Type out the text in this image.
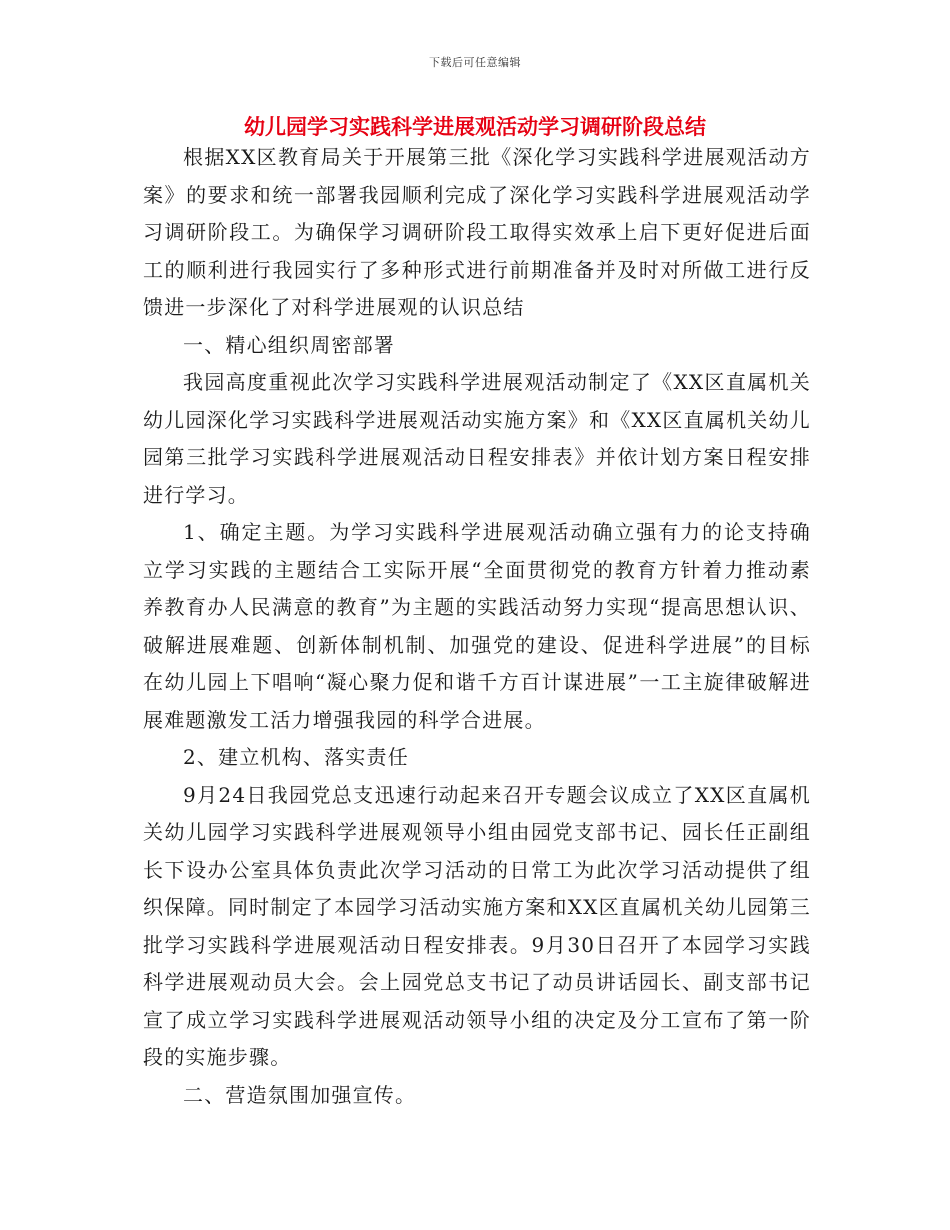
下载后可任意编辑
幼儿园学习实践科学进展观活动学习调研阶段总结

根据XX区教育局关于开展第三批《深化学习实践科学进展观活动方案》的要求和统一部署我园顺利完成了深化学习实践科学进展观活动学习调研阶段工。为确保学习调研阶段工取得实效承上启下更好促进后面工的顺利进行我园实行了多种形式进行前期准备并及时对所做工进行反馈进一步深化了对科学进展观的认识总结

一、精心组织周密部署

我园高度重视此次学习实践科学进展观活动制定了《XX区直属机关幼儿园深化学习实践科学进展观活动实施方案》和《XX区直属机关幼儿园第三批学习实践科学进展观活动日程安排表》并依计划方案日程安排进行学习。

1、确定主题。为学习实践科学进展观活动确立强有力的论支持确立学习实践的主题结合工实际开展“全面贯彻党的教育方针着力推动素养教育办人民满意的教育”为主题的实践活动努力实现“提高思想认识、破解进展难题、创新体制机制、加强党的建设、促进科学进展”的目标在幼儿园上下唱响“凝心聚力促和谐千方百计谋进展”一工主旋律破解进展难题激发工活力增强我园的科学合进展。

2、建立机构、落实责任

9月24日我园党总支迅速行动起来召开专题会议成立了XX区直属机关幼儿园学习实践科学进展观领导小组由园党支部书记、园长任正副组长下设办公室具体负责此次学习活动的日常工为此次学习活动提供了组织保障。同时制定了本园学习活动实施方案和XX区直属机关幼儿园第三批学习实践科学进展观活动日程安排表。9月30日召开了本园学习实践科学进展观动员大会。会上园党总支书记了动员讲话园长、副支部书记宣了成立学习实践科学进展观活动领导小组的决定及分工宣布了第一阶段的实施步骤。

二、营造氛围加强宣传。
